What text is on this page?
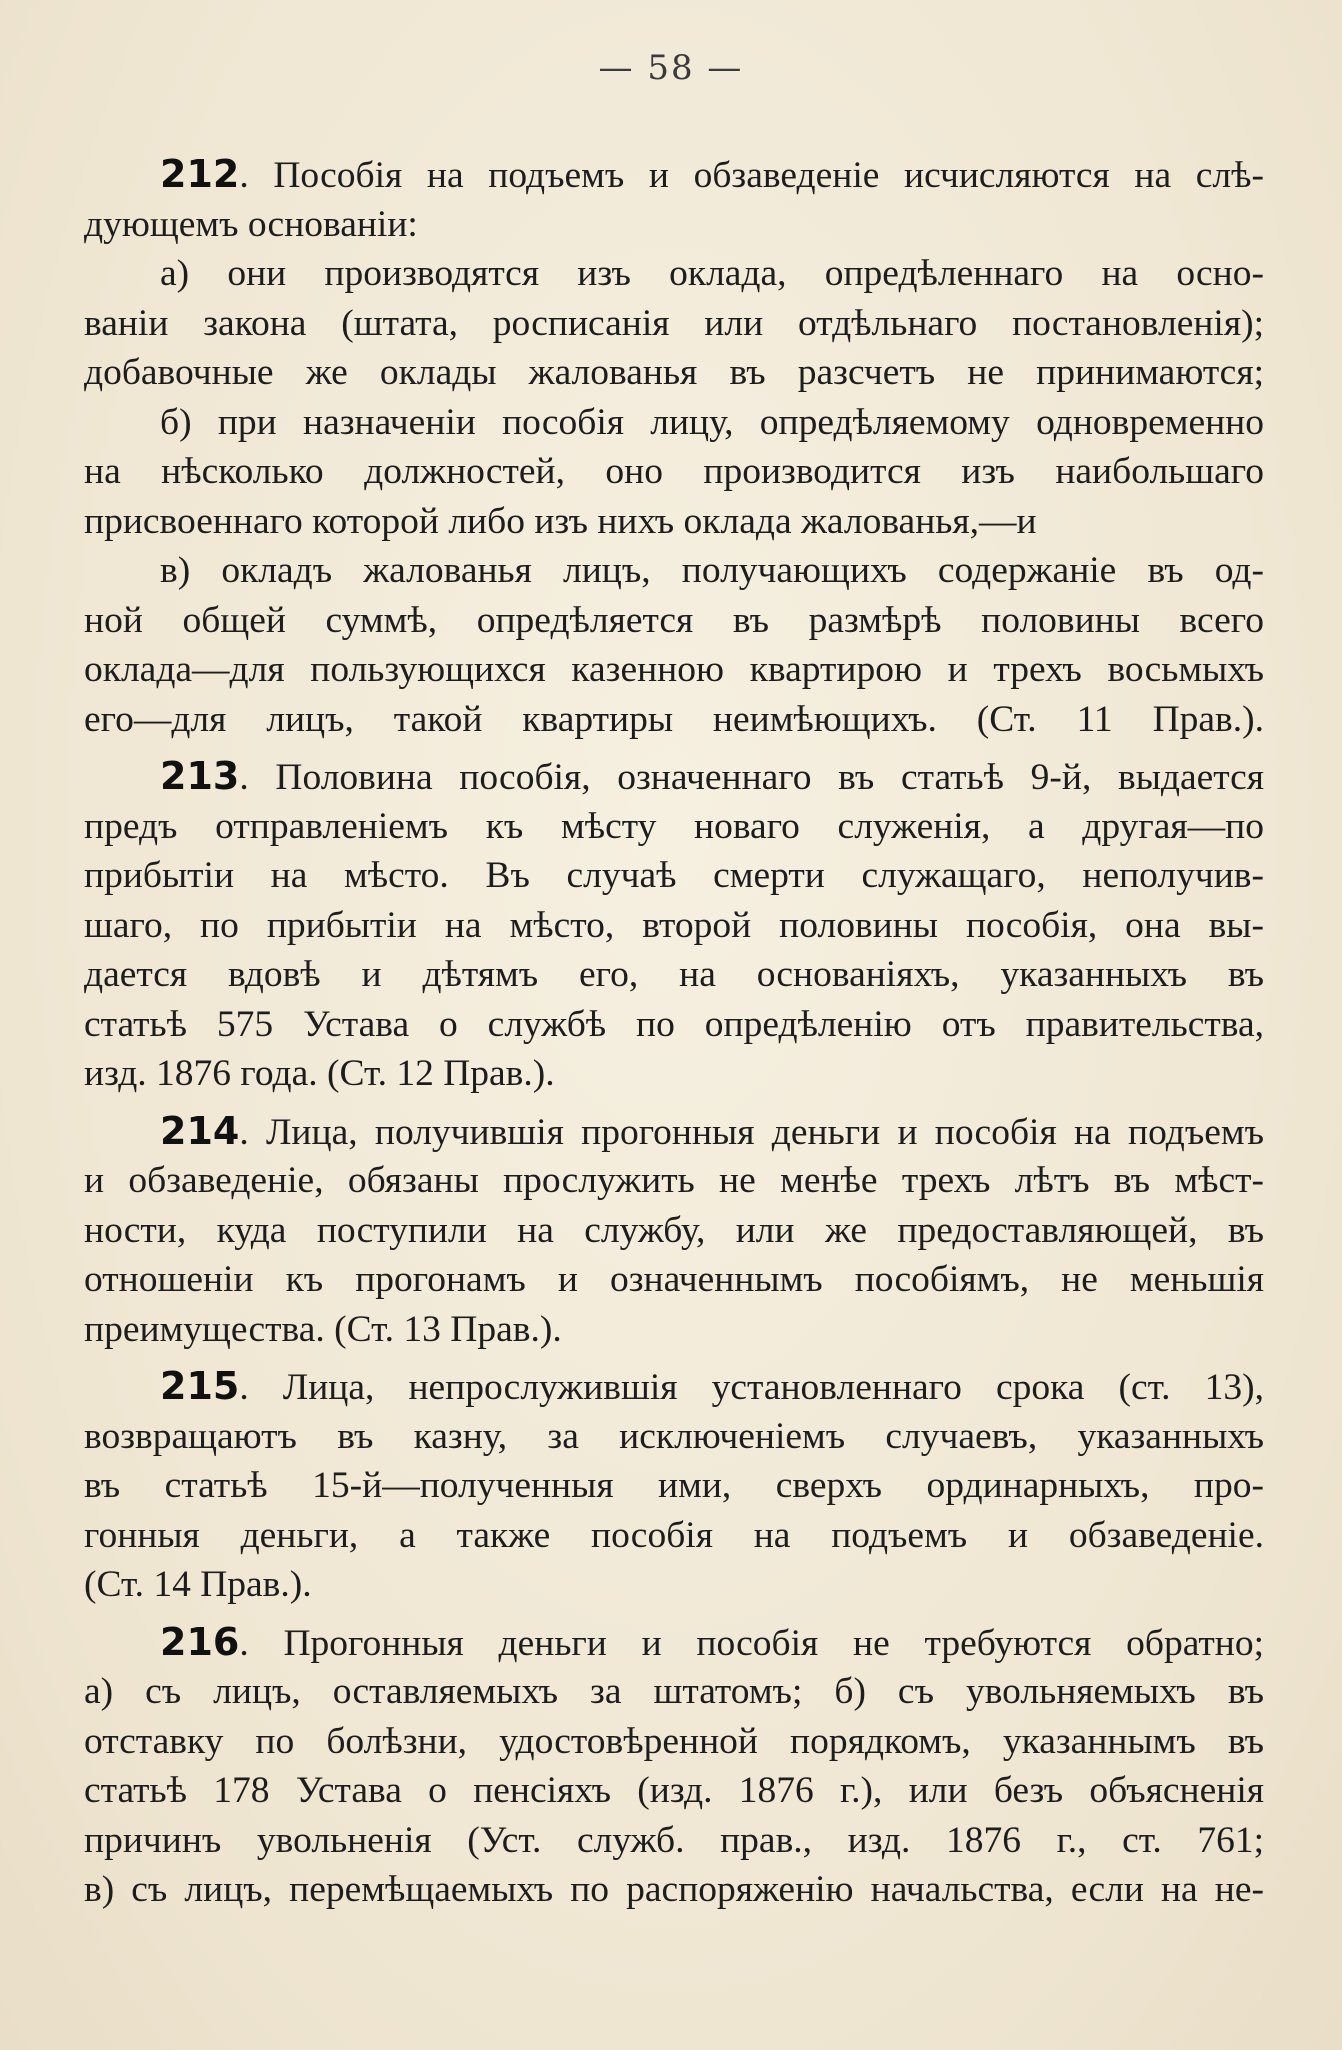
— 58 —
212. Пособія на подъемъ и обзаведеніе исчисляются на слѣ-
дующемъ основаніи:
а) они производятся изъ оклада, опредѣленнаго на осно-
ваніи закона (штата, росписанія или отдѣльнаго постановленія);
добавочные же оклады жалованья въ разсчетъ не принимаются;
б) при назначеніи пособія лицу, опредѣляемому одновременно
на нѣсколько должностей, оно производится изъ наибольшаго
присвоеннаго которой либо изъ нихъ оклада жалованья,—и
в) окладъ жалованья лицъ, получающихъ содержаніе въ од-
ной общей суммѣ, опредѣляется въ размѣрѣ половины всего
оклада—для пользующихся казенною квартирою и трехъ восьмыхъ
его—для лицъ, такой квартиры неимѣющихъ. (Ст. 11 Прав.).
213. Половина пособія, означеннаго въ статьѣ 9-й, выдается
предъ отправленіемъ къ мѣсту новаго служенія, а другая—по
прибытіи на мѣсто. Въ случаѣ смерти служащаго, неполучив-
шаго, по прибытіи на мѣсто, второй половины пособія, она вы-
дается вдовѣ и дѣтямъ его, на основаніяхъ, указанныхъ въ
статьѣ 575 Устава о службѣ по опредѣленію отъ правительства,
изд. 1876 года. (Ст. 12 Прав.).
214. Лица, получившія прогонныя деньги и пособія на подъемъ
и обзаведеніе, обязаны прослужить не менѣе трехъ лѣтъ въ мѣст-
ности, куда поступили на службу, или же предоставляющей, въ
отношеніи къ прогонамъ и означеннымъ пособіямъ, не меньшія
преимущества. (Ст. 13 Прав.).
215. Лица, непрослужившія установленнаго срока (ст. 13),
возвращаютъ въ казну, за исключеніемъ случаевъ, указанныхъ
въ статьѣ 15-й—полученныя ими, сверхъ ординарныхъ, про-
гонныя деньги, а также пособія на подъемъ и обзаведеніе.
(Ст. 14 Прав.).
216. Прогонныя деньги и пособія не требуются обратно;
а) съ лицъ, оставляемыхъ за штатомъ; б) съ увольняемыхъ въ
отставку по болѣзни, удостовѣренной порядкомъ, указаннымъ въ
статьѣ 178 Устава о пенсіяхъ (изд. 1876 г.), или безъ объясненія
причинъ увольненія (Уст. служб. прав., изд. 1876 г., ст. 761;
в) съ лицъ, перемѣщаемыхъ по распоряженію начальства, если на не-
